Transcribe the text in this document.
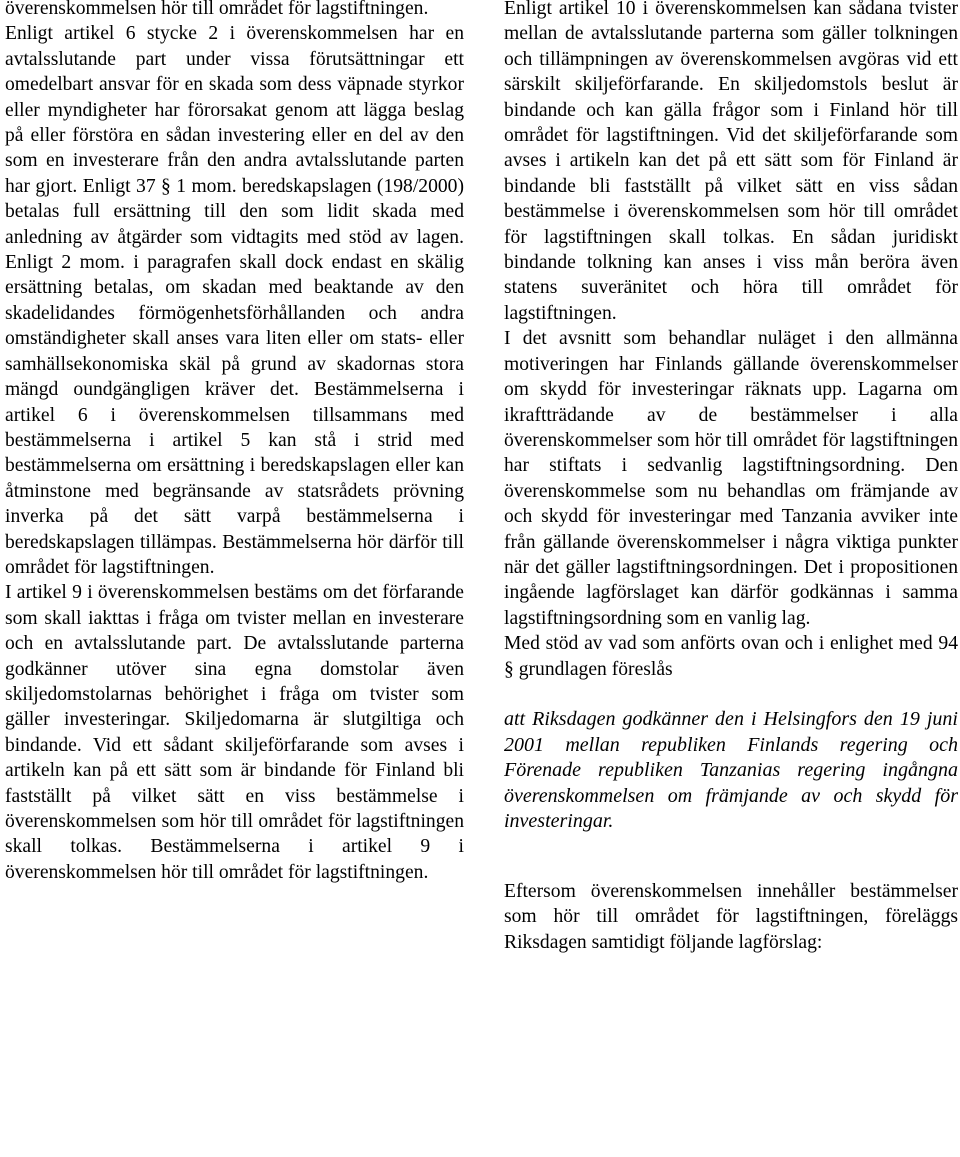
överenskommelsen hör till området för lagstiftningen.

Enligt artikel 6 stycke 2 i överenskommelsen har en avtalsslutande part under vissa förutsättningar ett omedelbart ansvar för en skada som dess väpnade styrkor eller myndigheter har förorsakat genom att lägga beslag på eller förstöra en sådan investering eller en del av den som en investerare från den andra avtalsslutande parten har gjort. Enligt 37 § 1 mom. beredskapslagen (198/2000) betalas full ersättning till den som lidit skada med anledning av åtgärder som vidtagits med stöd av lagen. Enligt 2 mom. i paragrafen skall dock endast en skälig ersättning betalas, om skadan med beaktande av den skadelidandes förmögenhetsförhållanden och andra omständigheter skall anses vara liten eller om stats- eller samhällsekonomiska skäl på grund av skadornas stora mängd oundgängligen kräver det. Bestämmelserna i artikel 6 i överenskommelsen tillsammans med bestämmelserna i artikel 5 kan stå i strid med bestämmelserna om ersättning i beredskapslagen eller kan åtminstone med begränsande av statsrådets prövning inverka på det sätt varpå bestämmelserna i beredskapslagen tillämpas. Bestämmelserna hör därför till området för lagstiftningen.

I artikel 9 i överenskommelsen bestäms om det förfarande som skall iakttas i fråga om tvister mellan en investerare och en avtalsslutande part. De avtalsslutande parterna godkänner utöver sina egna domstolar även skiljedomstolarnas behörighet i fråga om tvister som gäller investeringar. Skiljedomarna är slutgiltiga och bindande. Vid ett sådant skiljeförfarande som avses i artikeln kan på ett sätt som är bindande för Finland bli fastställt på vilket sätt en viss bestämmelse i överenskommelsen som hör till området för lagstiftningen skall tolkas. Bestämmelserna i artikel 9 i överenskommelsen hör till området för lagstiftningen.

Enligt artikel 10 i överenskommelsen kan sådana tvister mellan de avtalsslutande parterna som gäller tolkningen och tillämpningen av överenskommelsen avgöras vid ett särskilt skiljeförfarande. En skiljedomstols beslut är bindande och kan gälla frågor som i Finland hör till området för lagstiftningen. Vid det skiljeförfarande som avses i artikeln kan det på ett sätt som för Finland är bindande bli fastställt på vilket sätt en viss sådan bestämmelse i överenskommelsen som hör till området för lagstiftningen skall tolkas. En sådan juridiskt bindande tolkning kan anses i viss mån beröra även statens suveränitet och höra till området för lagstiftningen.

I det avsnitt som behandlar nuläget i den allmänna motiveringen har Finlands gällande överenskommelser om skydd för investeringar räknats upp. Lagarna om ikraftträdande av de bestämmelser i alla överenskommelser som hör till området för lagstiftningen har stiftats i sedvanlig lagstiftningsordning. Den överenskommelse som nu behandlas om främjande av och skydd för investeringar med Tanzania avviker inte från gällande överenskommelser i några viktiga punkter när det gäller lagstiftningsordningen. Det i propositionen ingående lagförslaget kan därför godkännas i samma lagstiftningsordning som en vanlig lag.

Med stöd av vad som anförts ovan och i enlighet med 94 § grundlagen föreslås

att Riksdagen godkänner den i Helsingfors den 19 juni 2001 mellan republiken Finlands regering och Förenade republiken Tanzanias regering ingångna överenskommelsen om främjande av och skydd för investeringar.

Eftersom överenskommelsen innehåller bestämmelser som hör till området för lagstiftningen, föreläggs Riksdagen samtidigt följande lagförslag:
